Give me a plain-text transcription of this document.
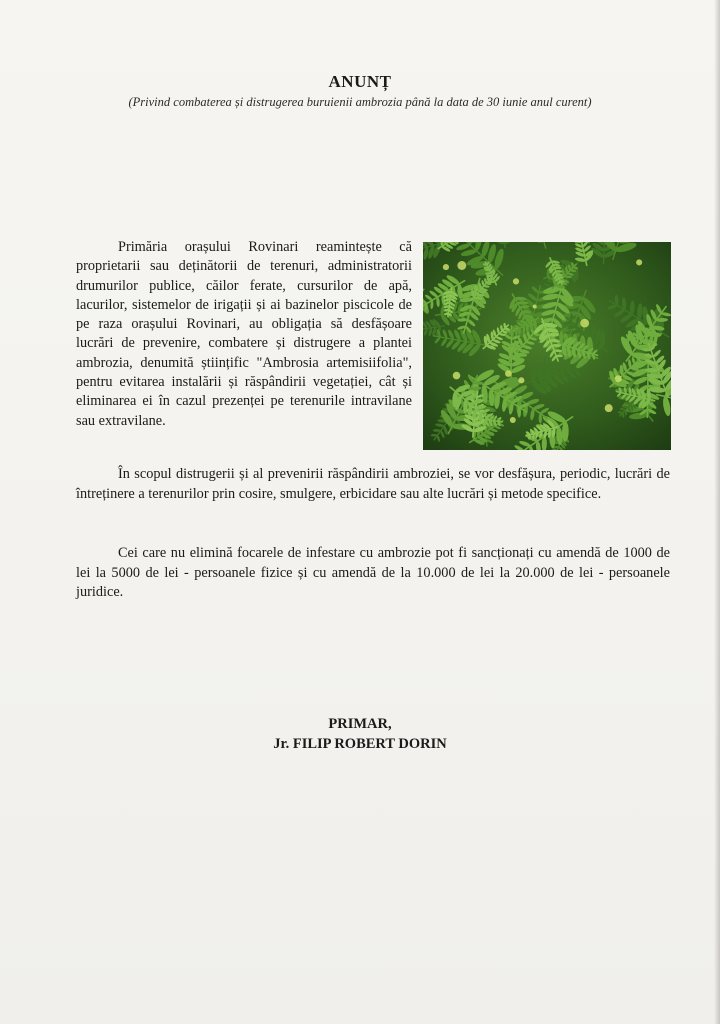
ANUNȚ
(Privind combaterea și distrugerea buruienii ambrozia până la data de 30 iunie anul curent)

Primăria orașului Rovinari reamintește că proprietarii sau deținătorii de terenuri, administratorii drumurilor publice, căilor ferate, cursurilor de apă, lacurilor, sistemelor de irigații și ai bazinelor piscicole de pe raza orașului Rovinari, au obligația să desfășoare lucrări de prevenire, combatere și distrugere a plantei ambrozia, denumită științific "Ambrosia artemisiifolia", pentru evitarea instalării și răspândirii vegetației, cât și eliminarea ei în cazul prezenței pe terenurile intravilane sau extravilane.

În scopul distrugerii și al prevenirii răspândirii ambroziei, se vor desfășura, periodic, lucrări de întreținere a terenurilor prin cosire, smulgere, erbicidare sau alte lucrări și metode specifice.

Cei care nu elimină focarele de infestare cu ambrozie pot fi sancționați cu amendă de 1000 de lei la 5000 de lei - persoanele fizice și cu amendă de la 10.000 de lei la 20.000 de lei - persoanele juridice.

PRIMAR,
Jr. FILIP ROBERT DORIN
